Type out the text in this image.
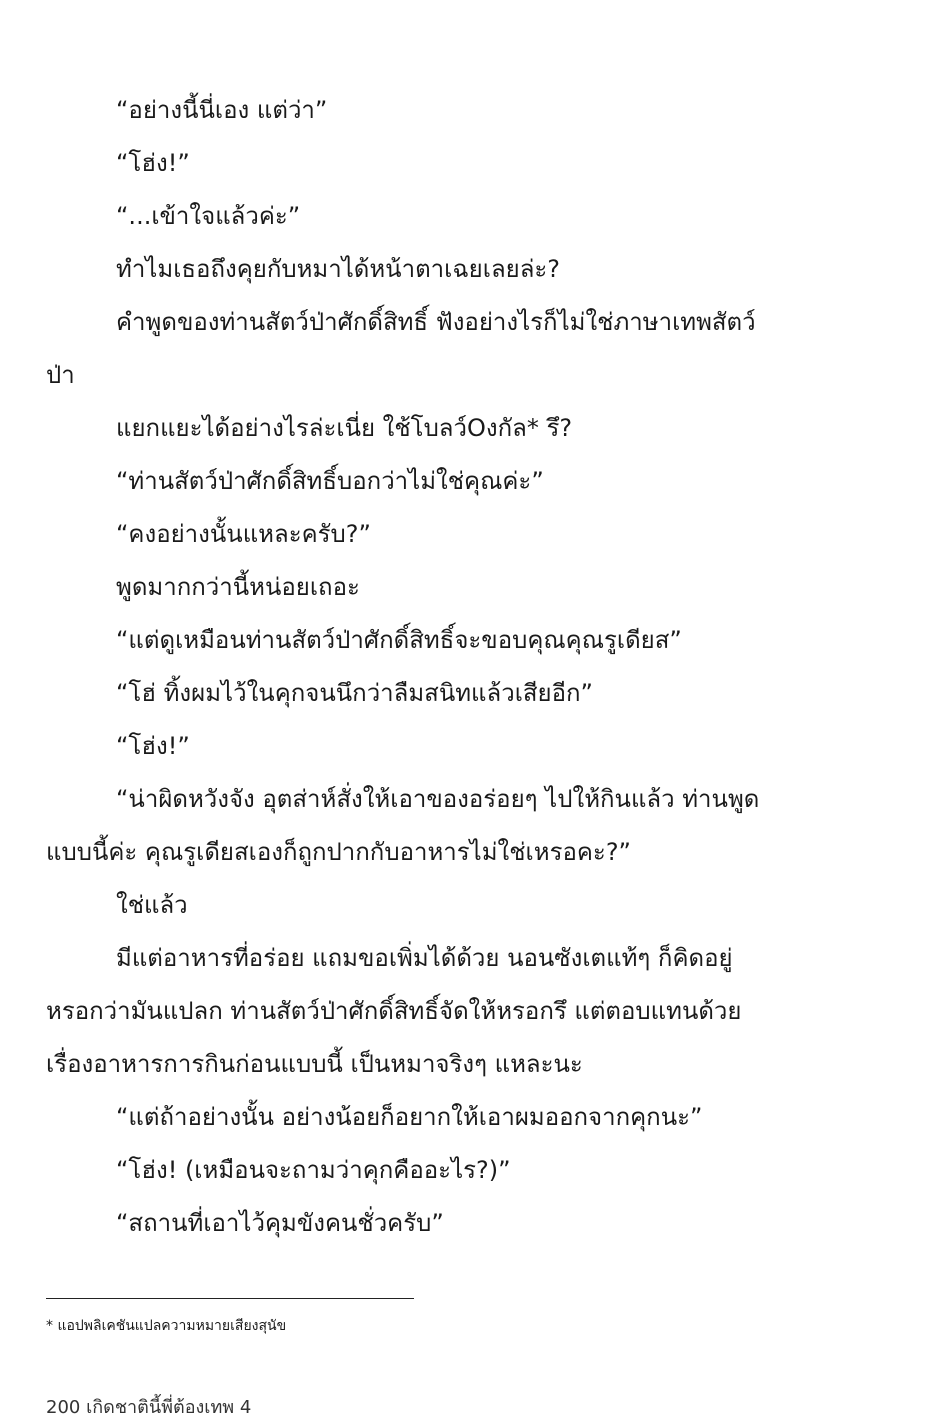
“อย่างนี้นี่เอง แต่ว่า”

“โฮ่ง!”

“...เข้าใจแล้วค่ะ”

ทำไมเธอถึงคุยกับหมาได้หน้าตาเฉยเลยล่ะ?

คำพูดของท่านสัตว์ป่าศักดิ์สิทธิ์ ฟังอย่างไรก็ไม่ใช่ภาษาเทพสัตว์

ป่า

แยกแยะได้อย่างไรล่ะเนี่ย ใช้โบลว์Oงกัล* รึ?

“ท่านสัตว์ป่าศักดิ์สิทธิ์บอกว่าไม่ใช่คุณค่ะ”

“คงอย่างนั้นแหละครับ?”

พูดมากกว่านี้หน่อยเถอะ

“แต่ดูเหมือนท่านสัตว์ป่าศักดิ์สิทธิ์จะขอบคุณคุณรูเดียส”

“โฮ่ ทิ้งผมไว้ในคุกจนนึกว่าลืมสนิทแล้วเสียอีก”

“โฮ่ง!”

“น่าผิดหวังจัง อุตส่าห์สั่งให้เอาของอร่อยๆ ไปให้กินแล้ว ท่านพูด

แบบนี้ค่ะ คุณรูเดียสเองก็ถูกปากกับอาหารไม่ใช่เหรอคะ?”

ใช่แล้ว

มีแต่อาหารที่อร่อย แถมขอเพิ่มได้ด้วย นอนซังเตแท้ๆ ก็คิดอยู่

หรอกว่ามันแปลก ท่านสัตว์ป่าศักดิ์สิทธิ์จัดให้หรอกรึ แต่ตอบแทนด้วย

เรื่องอาหารการกินก่อนแบบนี้ เป็นหมาจริงๆ แหละนะ

“แต่ถ้าอย่างนั้น อย่างน้อยก็อยากให้เอาผมออกจากคุกนะ”

“โฮ่ง! (เหมือนจะถามว่าคุกคืออะไร?)”

“สถานที่เอาไว้คุมขังคนชั่วครับ”

* แอปพลิเคชันแปลความหมายเสียงสุนัข
200 เกิดชาตินี้พี่ต้องเทพ 4
